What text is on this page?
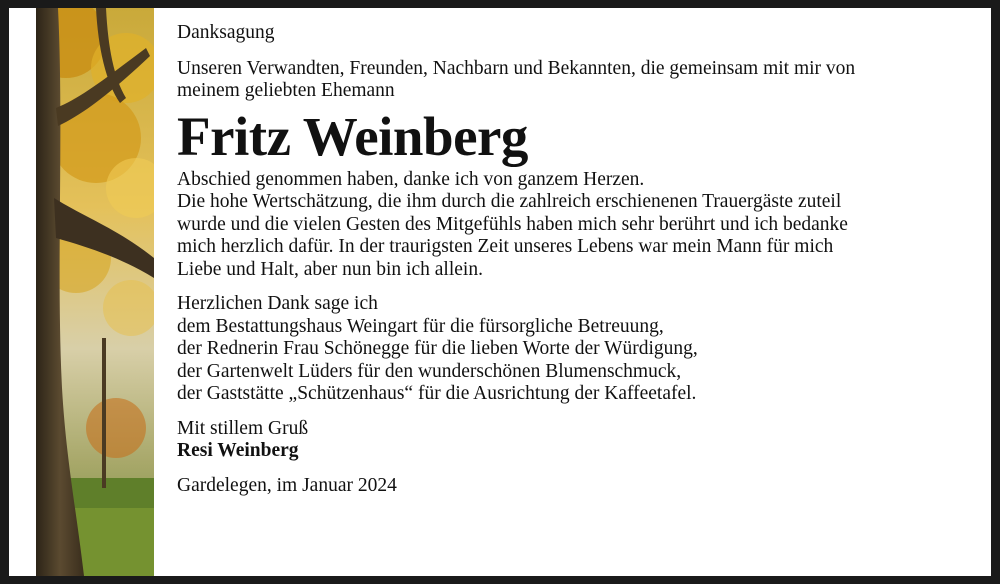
Danksagung

Unseren Verwandten, Freunden, Nachbarn und Bekannten, die gemeinsam mit mir von

meinem geliebten Ehemann

Fritz Weinberg

Abschied genommen haben, danke ich von ganzem Herzen.

Die hohe Wertschätzung, die ihm durch die zahlreich erschienenen Trauergäste zuteil

wurde und die vielen Gesten des Mitgefühls haben mich sehr berührt und ich bedanke

mich herzlich dafür. In der traurigsten Zeit unseres Lebens war mein Mann für mich

Liebe und Halt, aber nun bin ich allein.

Herzlichen Dank sage ich

dem Bestattungshaus Weingart für die fürsorgliche Betreuung,

der Rednerin Frau Schönegge für die lieben Worte der Würdigung,

der Gartenwelt Lüders für den wunderschönen Blumenschmuck,

der Gaststätte „Schützenhaus“ für die Ausrichtung der Kaffeetafel.

Mit stillem Gruß

Resi Weinberg

Gardelegen, im Januar 2024
